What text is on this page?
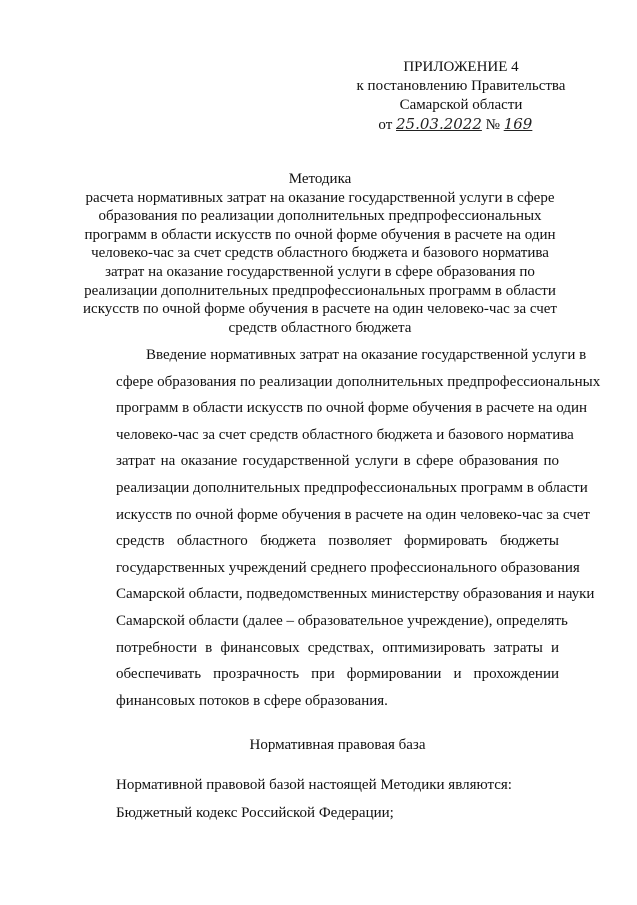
ПРИЛОЖЕНИЕ 4
к постановлению Правительства
Самарской области
от 25.03.2022 № 169
Методика
расчета нормативных затрат на оказание государственной услуги в сфере
образования по реализации дополнительных предпрофессиональных
программ в области искусств по очной форме обучения в расчете на один
человеко-час за счет средств областного бюджета и базового норматива
затрат на оказание государственной услуги в сфере образования по
реализации дополнительных предпрофессиональных программ в области
искусств по очной форме обучения в расчете на один человеко-час за счет
средств областного бюджета
Введение нормативных затрат на оказание государственной услуги в
сфере образования по реализации дополнительных предпрофессиональных
программ в области искусств по очной форме обучения в расчете на один
человеко-час за счет средств областного бюджета и базового норматива
затрат на оказание государственной услуги в сфере образования по
реализации дополнительных предпрофессиональных программ в области
искусств по очной форме обучения в расчете на один человеко-час за счет
средств областного бюджета позволяет формировать бюджеты
государственных учреждений среднего профессионального образования
Самарской области, подведомственных министерству образования и науки
Самарской области (далее – образовательное учреждение), определять
потребности в финансовых средствах, оптимизировать затраты и
обеспечивать прозрачность при формировании и прохождении
финансовых потоков в сфере образования.
Нормативная правовая база
Нормативной правовой базой настоящей Методики являются:
Бюджетный кодекс Российской Федерации;
